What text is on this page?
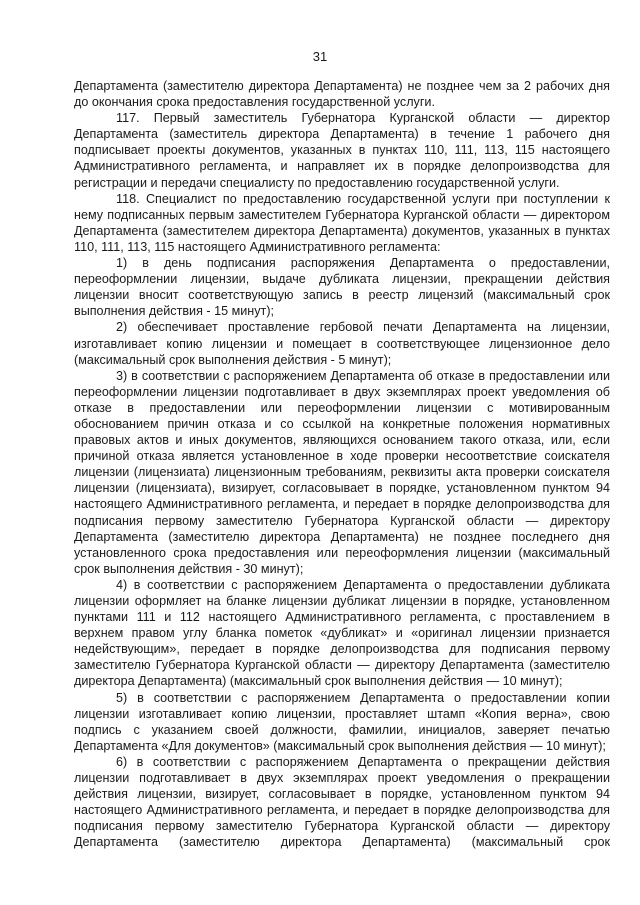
31

Департамента (заместителю директора Департамента) не позднее чем за 2 рабочих дня до окончания срока предоставления государственной услуги.

117. Первый заместитель Губернатора Курганской области — директор Департамента (заместитель директора Департамента) в течение 1 рабочего дня подписывает проекты документов, указанных в пунктах 110, 111, 113, 115 настоящего Административного регламента, и направляет их в порядке делопроизводства для регистрации и передачи специалисту по предоставлению государственной услуги.

118. Специалист по предоставлению государственной услуги при поступлении к нему подписанных первым заместителем Губернатора Курганской области — директором Департамента (заместителем директора Департамента) документов, указанных в пунктах 110, 111, 113, 115 настоящего Административного регламента:

1) в день подписания распоряжения Департамента о предоставлении, переоформлении лицензии, выдаче дубликата лицензии, прекращении действия лицензии вносит соответствующую запись в реестр лицензий (максимальный срок выполнения действия - 15 минут);

2) обеспечивает проставление гербовой печати Департамента на лицензии, изготавливает копию лицензии и помещает в соответствующее лицензионное дело (максимальный срок выполнения действия - 5 минут);

3) в соответствии с распоряжением Департамента об отказе в предоставлении или переоформлении лицензии подготавливает в двух экземплярах проект уведомления об отказе в предоставлении или переоформлении лицензии с мотивированным обоснованием причин отказа и со ссылкой на конкретные положения нормативных правовых актов и иных документов, являющихся основанием такого отказа, или, если причиной отказа является установленное в ходе проверки несоответствие соискателя лицензии (лицензиата) лицензионным требованиям, реквизиты акта проверки соискателя лицензии (лицензиата), визирует, согласовывает в порядке, установленном пунктом 94 настоящего Административного регламента, и передает в порядке делопроизводства для подписания первому заместителю Губернатора Курганской области — директору Департамента (заместителю директора Департамента) не позднее последнего дня установленного срока предоставления или переоформления лицензии (максимальный срок выполнения действия - 30 минут);

4) в соответствии с распоряжением Департамента о предоставлении дубликата лицензии оформляет на бланке лицензии дубликат лицензии в порядке, установленном пунктами 111 и 112 настоящего Административного регламента, с проставлением в верхнем правом углу бланка пометок «дубликат» и «оригинал лицензии признается недействующим», передает в порядке делопроизводства для подписания первому заместителю Губернатора Курганской области — директору Департамента (заместителю директора Департамента) (максимальный срок выполнения действия — 10 минут);

5) в соответствии с распоряжением Департамента о предоставлении копии лицензии изготавливает копию лицензии, проставляет штамп «Копия верна», свою подпись с указанием своей должности, фамилии, инициалов, заверяет печатью Департамента «Для документов» (максимальный срок выполнения действия — 10 минут);

6) в соответствии с распоряжением Департамента о прекращении действия лицензии подготавливает в двух экземплярах проект уведомления о прекращении действия лицензии, визирует, согласовывает в порядке, установленном пунктом 94 настоящего Административного регламента, и передает в порядке делопроизводства для подписания первому заместителю Губернатора Курганской области — директору Департамента (заместителю директора Департамента) (максимальный срок
